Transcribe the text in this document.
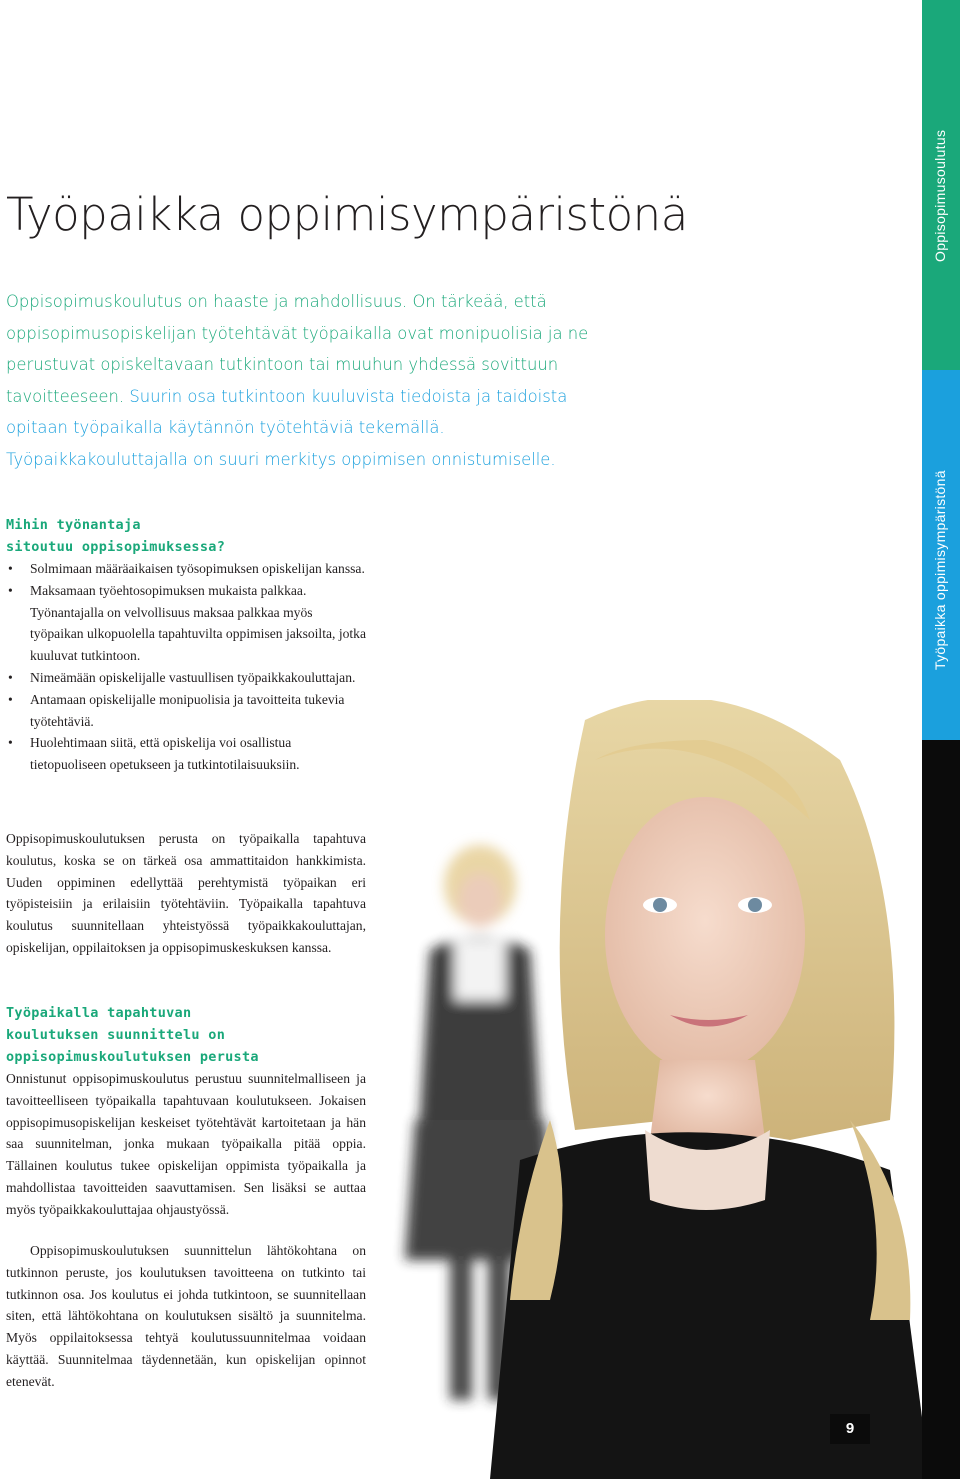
Oppisopimusoulutus
Työpaikka oppimisympäristönä
Työpaikka oppimisympäristönä

Oppisopimuskoulutus on haaste ja mahdollisuus. On tärkeää, että oppisopimusopiskelijan työtehtävät työpaikalla ovat monipuolisia ja ne perustuvat opiskeltavaan tutkintoon tai muuhun yhdessä sovittuun tavoitteeseen. Suurin osa tutkintoon kuuluvista tiedoista ja taidoista opitaan työpaikalla käytännön työtehtäviä tekemällä. Työpaikkakouluttajalla on suuri merkitys oppimisen onnistumiselle.

Mihin työnantaja
sitoutuu oppisopimuksessa?
• Solmimaan määräaikaisen työsopimuksen opiskelijan kanssa.
• Maksamaan työehtosopimuksen mukaista palkkaa. Työnantajalla on velvollisuus maksaa palkkaa myös työpaikan ulkopuolella tapahtuvilta oppimisen jaksoilta, jotka kuuluvat tutkintoon.
• Nimeämään opiskelijalle vastuullisen työpaikkakouluttajan.
• Antamaan opiskelijalle monipuolisia ja tavoitteita tukevia työtehtäviä.
• Huolehtimaan siitä, että opiskelija voi osallistua tietopuoliseen opetukseen ja tutkintotilaisuuksiin.

Oppisopimuskoulutuksen perusta on työpaikalla tapahtuva koulutus, koska se on tärkeä osa ammattitaidon hankkimista. Uuden oppiminen edellyttää perehtymistä työpaikan eri työpisteisiin ja erilaisiin työtehtäviin. Työpaikalla tapahtuva koulutus suunnitellaan yhteistyössä työpaikkakouluttajan, opiskelijan, oppilaitoksen ja oppisopimuskeskuksen kanssa.

Työpaikalla tapahtuvan
koulutuksen suunnittelu on
oppisopimuskoulutuksen perusta

Onnistunut oppisopimuskoulutus perustuu suunnitelmalliseen ja tavoitteelliseen työpaikalla tapahtuvaan koulutukseen. Jokaisen oppisopimusopiskelijan keskeiset työtehtävät kartoitetaan ja hän saa suunnitelman, jonka mukaan työpaikalla pitää oppia. Tällainen koulutus tukee opiskelijan oppimista työpaikalla ja mahdollistaa tavoitteiden saavuttamisen. Sen lisäksi se auttaa myös työpaikkakouluttajaa ohjaustyössä.

Oppisopimuskoulutuksen suunnittelun lähtökohtana on tutkinnon peruste, jos koulutuksen tavoitteena on tutkinto tai tutkinnon osa. Jos koulutus ei johda tutkintoon, se suunnitellaan siten, että lähtökohtana on koulutuksen sisältö ja suunnitelma. Myös oppilaitoksessa tehtyä koulutussuunnitelmaa voidaan käyttää. Suunnitelmaa täydennetään, kun opiskelijan opinnot etenevät.

9
